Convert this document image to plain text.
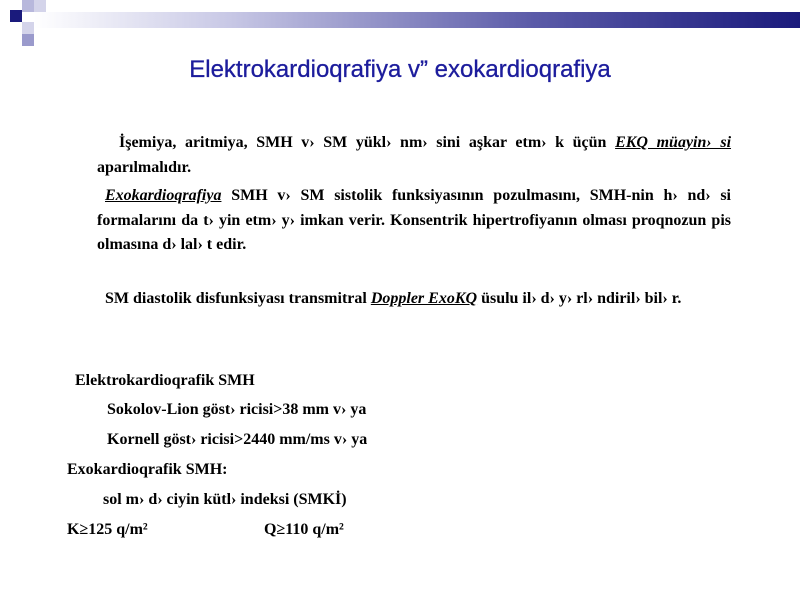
Elektrokardioqrafiya v” exokardioqrafiya
İşemiya, aritmiya, SMH v› SM yükl› nm› sini aşkar etm› k üçün EKQ müayin› si aparılmalıdır.
Exokardioqrafiya SMH v› SM sistolik funksiyasının pozulmasını, SMH-nin h› nd› si formalarını da t› yin etm› y› imkan verir. Konsentrik hipertrofiyanın olması proqnozun pis olmasına d› lal› t edir.
SM diastolik disfunksiyası transmitral Doppler ExoKQ üsulu il› d› y› rl› ndiril› bil› r.
Elektrokardioqrafik SMH
Sokolov-Lion göst› ricisi>38 mm v› ya
Kornell göst› ricisi>2440 mm/ms v› ya
Exokardioqrafik SMH:
sol m› d› ciyin kütl› indeksi (SMKİ)
K≥125 q/m²	Q≥110 q/m²
